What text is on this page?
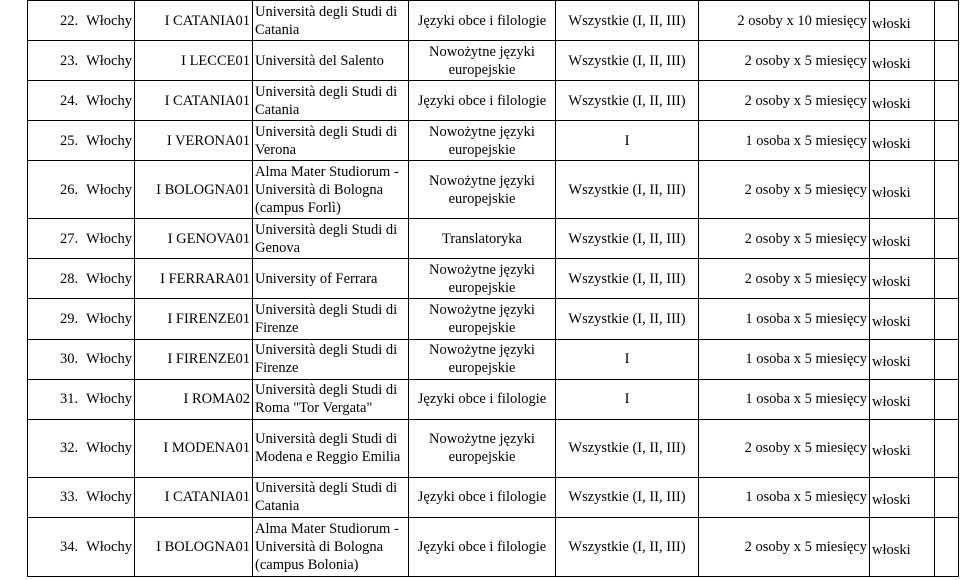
22. Włochy	I CATANIA01	Università degli Studi di Catania	Języki obce i filologie	Wszystkie (I, II, III)	2 osoby x 10 miesięcy	włoski	

23. Włochy	I LECCE01	Università del Salento	Nowożytne języki europejskie	Wszystkie (I, II, III)	2 osoby x 5 miesięcy	włoski	

24. Włochy	I CATANIA01	Università degli Studi di Catania	Języki obce i filologie	Wszystkie (I, II, III)	2 osoby x 5 miesięcy	włoski	

25. Włochy	I VERONA01	Università degli Studi di Verona	Nowożytne języki europejskie	I	1 osoba x 5 miesięcy	włoski	

26. Włochy	I BOLOGNA01	Alma Mater Studiorum - Università di Bologna (campus Forlì)	Nowożytne języki europejskie	Wszystkie (I, II, III)	2 osoby x 5 miesięcy	włoski	

27. Włochy	I GENOVA01	Università degli Studi di Genova	Translatoryka	Wszystkie (I, II, III)	2 osoby x 5 miesięcy	włoski	

28. Włochy	I FERRARA01	University of Ferrara	Nowożytne języki europejskie	Wszystkie (I, II, III)	2 osoby x 5 miesięcy	włoski	

29. Włochy	I FIRENZE01	Università degli Studi di Firenze	Nowożytne języki europejskie	Wszystkie (I, II, III)	1 osoba x 5 miesięcy	włoski	

30. Włochy	I FIRENZE01	Università degli Studi di Firenze	Nowożytne języki europejskie	I	1 osoba x 5 miesięcy	włoski	

31. Włochy	I ROMA02	Università degli Studi di Roma "Tor Vergata"	Języki obce i filologie	I	1 osoba x 5 miesięcy	włoski	

32. Włochy	I MODENA01	Università degli Studi di Modena e Reggio Emilia	Nowożytne języki europejskie	Wszystkie (I, II, III)	2 osoby x 5 miesięcy	włoski	

33. Włochy	I CATANIA01	Università degli Studi di Catania	Języki obce i filologie	Wszystkie (I, II, III)	1 osoba x 5 miesięcy	włoski	

34. Włochy	I BOLOGNA01	Alma Mater Studiorum - Università di Bologna (campus Bolonia)	Języki obce i filologie	Wszystkie (I, II, III)	2 osoby x 5 miesięcy	włoski	
